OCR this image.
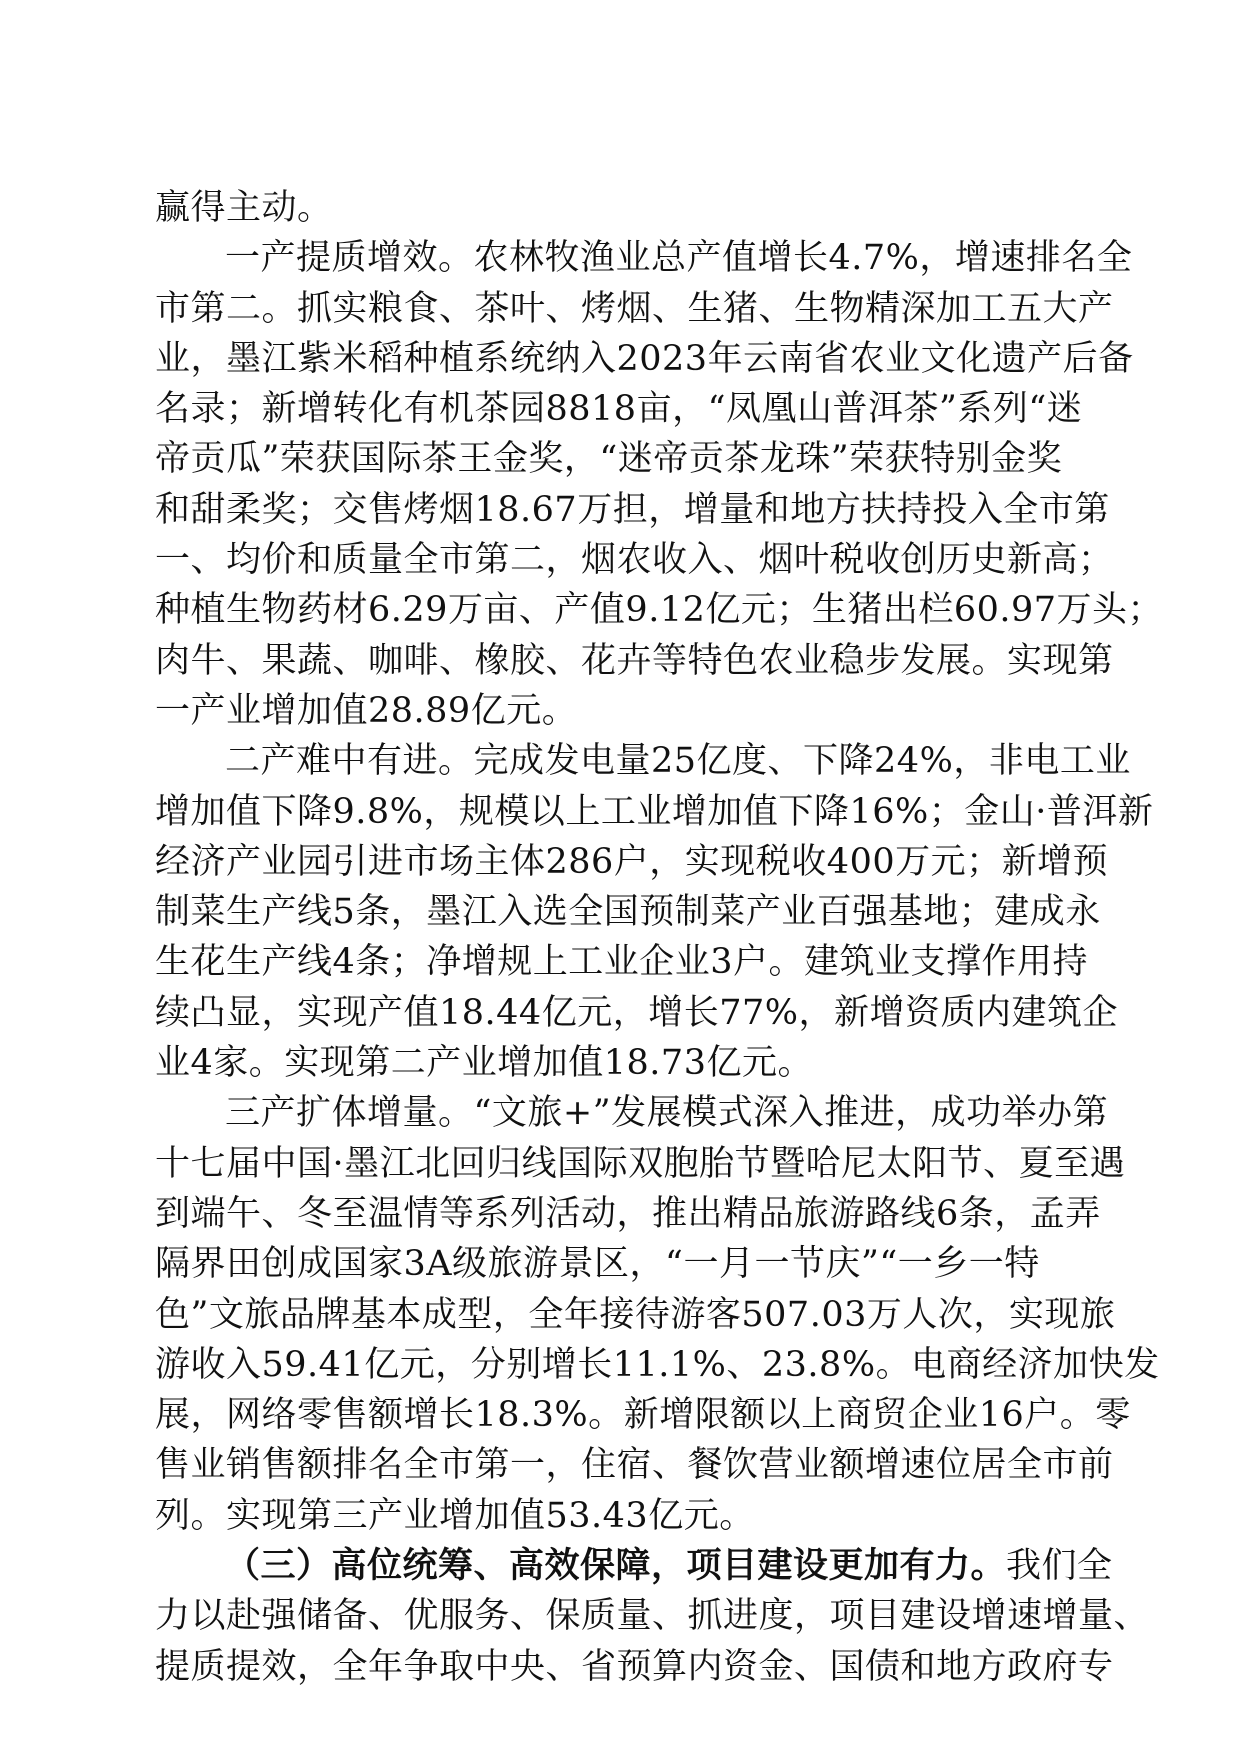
赢得主动。
一产提质增效。农林牧渔业总产值增长4.7%，增速排名全
市第二。抓实粮食、茶叶、烤烟、生猪、生物精深加工五大产
业，墨江紫米稻种植系统纳入2023年云南省农业文化遗产后备
名录；新增转化有机茶园8818亩，“凤凰山普洱茶”系列“迷
帝贡瓜”荣获国际茶王金奖，“迷帝贡茶龙珠”荣获特别金奖
和甜柔奖；交售烤烟18.67万担，增量和地方扶持投入全市第
一、均价和质量全市第二，烟农收入、烟叶税收创历史新高；
种植生物药材6.29万亩、产值9.12亿元；生猪出栏60.97万头；
肉牛、果蔬、咖啡、橡胶、花卉等特色农业稳步发展。实现第
一产业增加值28.89亿元。
二产难中有进。完成发电量25亿度、下降24%，非电工业
增加值下降9.8%，规模以上工业增加值下降16%；金山·普洱新
经济产业园引进市场主体286户，实现税收400万元；新增预
制菜生产线5条，墨江入选全国预制菜产业百强基地；建成永
生花生产线4条；净增规上工业企业3户。建筑业支撑作用持
续凸显，实现产值18.44亿元，增长77%，新增资质内建筑企
业4家。实现第二产业增加值18.73亿元。
三产扩体增量。“文旅+”发展模式深入推进，成功举办第
十七届中国·墨江北回归线国际双胞胎节暨哈尼太阳节、夏至遇
到端午、冬至温情等系列活动，推出精品旅游路线6条，孟弄
隔界田创成国家3A级旅游景区，“一月一节庆”“一乡一特
色”文旅品牌基本成型，全年接待游客507.03万人次，实现旅
游收入59.41亿元，分别增长11.1%、23.8%。电商经济加快发
展，网络零售额增长18.3%。新增限额以上商贸企业16户。零
售业销售额排名全市第一，住宿、餐饮营业额增速位居全市前
列。实现第三产业增加值53.43亿元。
（三）高位统筹、高效保障，项目建设更加有力。我们全
力以赴强储备、优服务、保质量、抓进度，项目建设增速增量、
提质提效，全年争取中央、省预算内资金、国债和地方政府专
